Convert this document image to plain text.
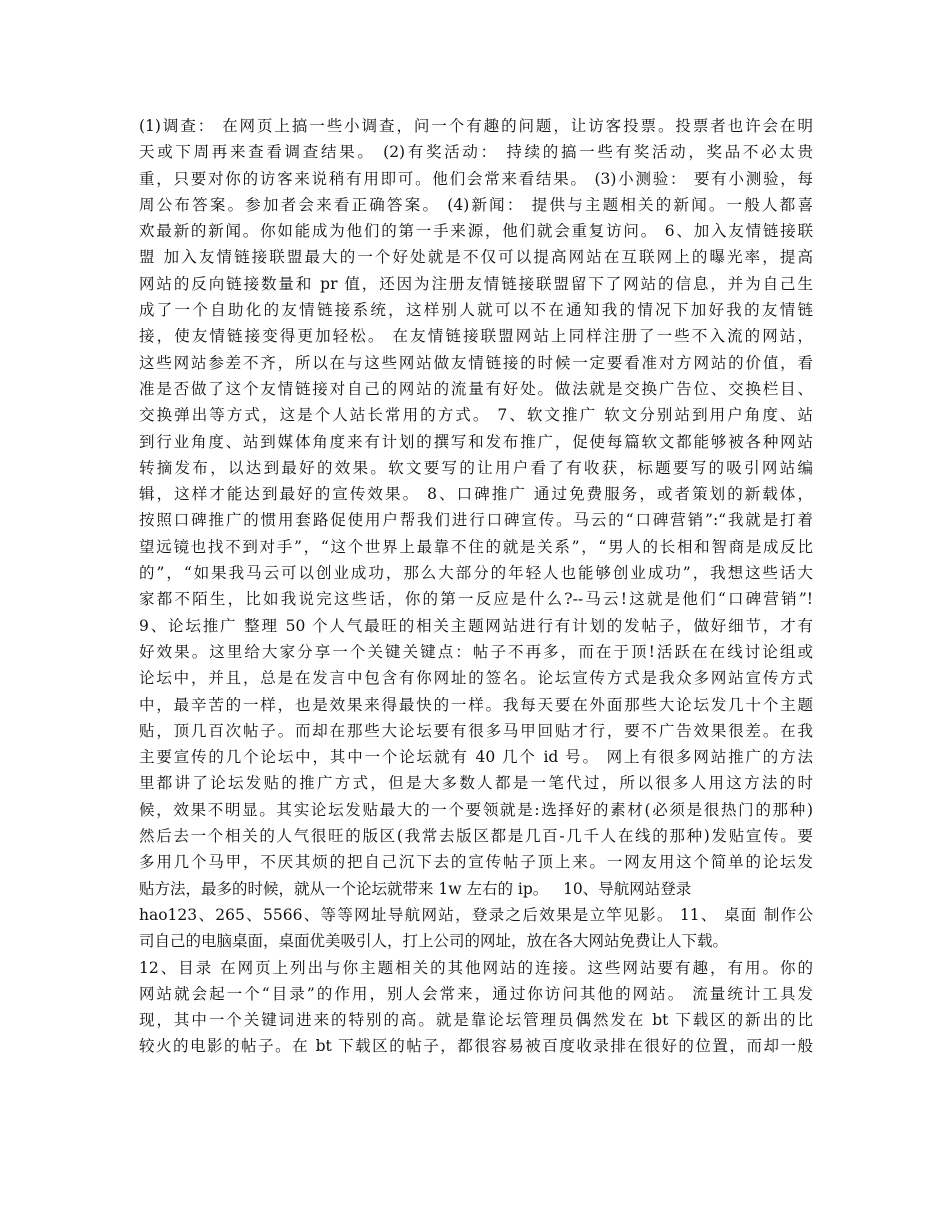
(1)调查： 在网页上搞一些小调查，问一个有趣的问题，让访客投票。投票者也许会在明
天或下周再来查看调查结果。 (2)有奖活动： 持续的搞一些有奖活动，奖品不必太贵
重，只要对你的访客来说稍有用即可。他们会常来看结果。 (3)小测验： 要有小测验，每
周公布答案。参加者会来看正确答案。 (4)新闻： 提供与主题相关的新闻。一般人都喜
欢最新的新闻。你如能成为他们的第一手来源，他们就会重复访问。 6、加入友情链接联
盟 加入友情链接联盟最大的一个好处就是不仅可以提高网站在互联网上的曝光率，提高
网站的反向链接数量和 pr 值，还因为注册友情链接联盟留下了网站的信息，并为自己生
成了一个自助化的友情链接系统，这样别人就可以不在通知我的情况下加好我的友情链
接，使友情链接变得更加轻松。 在友情链接联盟网站上同样注册了一些不入流的网站，
这些网站参差不齐，所以在与这些网站做友情链接的时候一定要看准对方网站的价值，看
准是否做了这个友情链接对自己的网站的流量有好处。做法就是交换广告位、交换栏目、
交换弹出等方式，这是个人站长常用的方式。 7、软文推广 软文分别站到用户角度、站
到行业角度、站到媒体角度来有计划的撰写和发布推广，促使每篇软文都能够被各种网站
转摘发布，以达到最好的效果。软文要写的让用户看了有收获，标题要写的吸引网站编
辑，这样才能达到最好的宣传效果。 8、口碑推广 通过免费服务，或者策划的新载体，
按照口碑推广的惯用套路促使用户帮我们进行口碑宣传。马云的“口碑营销”:“我就是打着
望远镜也找不到对手”，“这个世界上最靠不住的就是关系”，“男人的长相和智商是成反比
的”，“如果我马云可以创业成功，那么大部分的年轻人也能够创业成功”，我想这些话大
家都不陌生，比如我说完这些话，你的第一反应是什么?--马云!这就是他们“口碑营销”!
9、论坛推广 整理 50 个人气最旺的相关主题网站进行有计划的发帖子，做好细节，才有
好效果。这里给大家分享一个关键关键点：帖子不再多，而在于顶!活跃在在线讨论组或
论坛中，并且，总是在发言中包含有你网址的签名。论坛宣传方式是我众多网站宣传方式
中，最辛苦的一样，也是效果来得最快的一样。我每天要在外面那些大论坛发几十个主题
贴，顶几百次帖子。而却在那些大论坛要有很多马甲回贴才行，要不广告效果很差。在我
主要宣传的几个论坛中，其中一个论坛就有 40 几个 id 号。 网上有很多网站推广的方法
里都讲了论坛发贴的推广方式，但是大多数人都是一笔代过，所以很多人用这方法的时
候，效果不明显。其实论坛发贴最大的一个要领就是:选择好的素材(必须是很热门的那种)
然后去一个相关的人气很旺的版区(我常去版区都是几百-几千人在线的那种)发贴宣传。要
多用几个马甲，不厌其烦的把自己沉下去的宣传帖子顶上来。一网友用这个简单的论坛发
贴方法，最多的时候，就从一个论坛就带来 1w 左右的 ip。   10、导航网站登录
hao123、265、5566、等等网址导航网站，登录之后效果是立竿见影。 11、 桌面 制作公
司自己的电脑桌面，桌面优美吸引人，打上公司的网址，放在各大网站免费让人下载。
12、目录 在网页上列出与你主题相关的其他网站的连接。这些网站要有趣，有用。你的
网站就会起一个“目录”的作用，别人会常来，通过你访问其他的网站。 流量统计工具发
现，其中一个关键词进来的特别的高。就是靠论坛管理员偶然发在 bt 下载区的新出的比
较火的电影的帖子。在 bt 下载区的帖子，都很容易被百度收录排在很好的位置，而却一般
